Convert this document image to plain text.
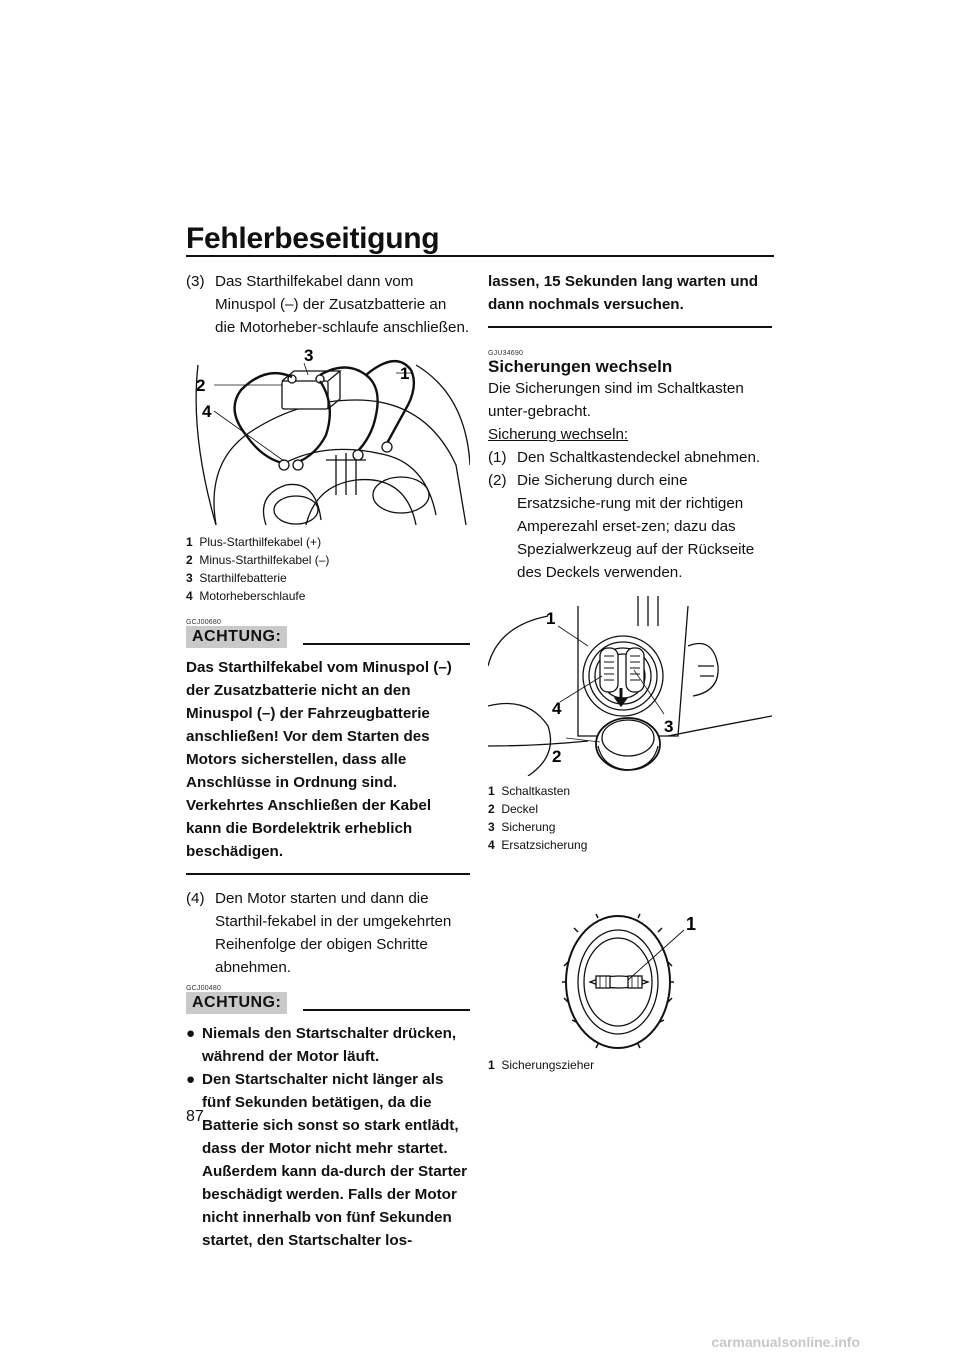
Fehlerbeseitigung

(3) Das Starthilfekabel dann vom Minuspol (–) der Zusatzbatterie an die Motorheber-schlaufe anschließen.

2
3
1
4
1 Plus-Starthilfekabel (+)
2 Minus-Starthilfekabel (–)
3 Starthilfebatterie
4 Motorheberschlaufe
GCJ00680
ACHTUNG:

Das Starthilfekabel vom Minuspol (–) der Zusatzbatterie nicht an den Minuspol (–) der Fahrzeugbatterie anschließen! Vor dem Starten des Motors sicherstellen, dass alle Anschlüsse in Ordnung sind. Verkehrtes Anschließen der Kabel kann die Bordelektrik erheblich beschädigen.

(4) Den Motor starten und dann die Starthil-fekabel in der umgekehrten Reihenfolge der obigen Schritte abnehmen.

GCJ00480
ACHTUNG:

● Niemals den Startschalter drücken, während der Motor läuft.

● Den Startschalter nicht länger als fünf Sekunden betätigen, da die Batterie sich sonst so stark entlädt, dass der Motor nicht mehr startet. Außerdem kann da-durch der Starter beschädigt werden. Falls der Motor nicht innerhalb von fünf Sekunden startet, den Startschalter los-

lassen, 15 Sekunden lang warten und dann nochmals versuchen.

GJU34690
Sicherungen wechseln

Die Sicherungen sind im Schaltkasten unter-gebracht.

Sicherung wechseln:

(1) Den Schaltkastendeckel abnehmen.

(2) Die Sicherung durch eine Ersatzsiche-rung mit der richtigen Amperezahl erset-zen; dazu das Spezialwerkzeug auf der Rückseite des Deckels verwenden.

1
2
3
4
1 Schaltkasten
2 Deckel
3 Sicherung
4 Ersatzsicherung
1
1 Sicherungszieher
87
carmanualsonline.info
